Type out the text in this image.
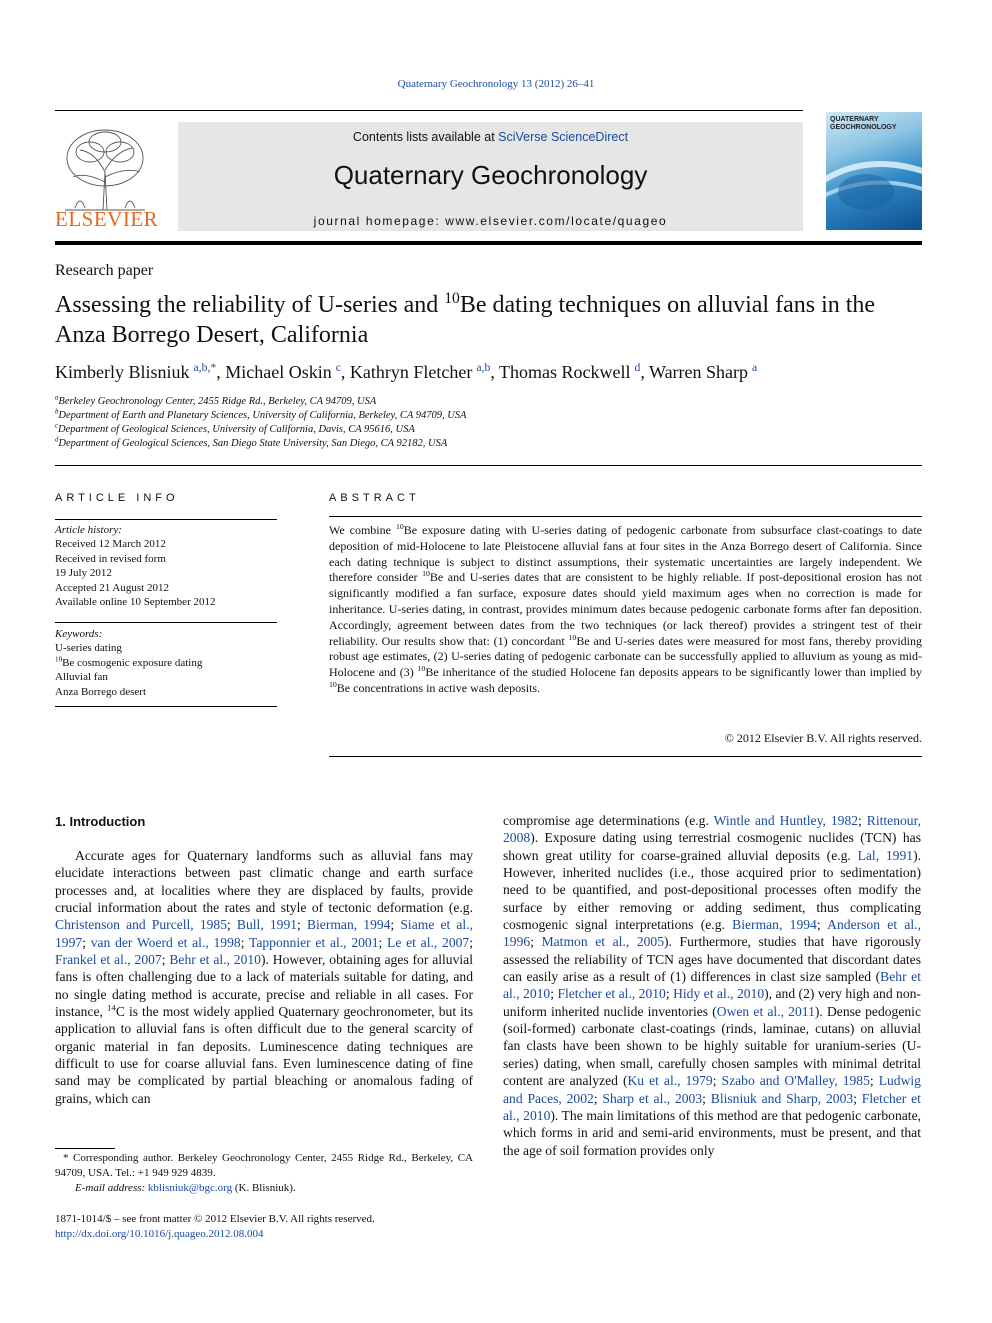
Quaternary Geochronology 13 (2012) 26–41
ELSEVIER
Contents lists available at SciVerse ScienceDirect
Quaternary Geochronology
journal homepage: www.elsevier.com/locate/quageo
QUATERNARY GEOCHRONOLOGY
Research paper
Assessing the reliability of U-series and $^{10}$Be dating techniques on alluvial fans in the Anza Borrego Desert, California
Kimberly Blisniuk $^{a,b,*}$, Michael Oskin $^c$, Kathryn Fletcher $^{a,b}$, Thomas Rockwell $^d$, Warren Sharp $^a$
$^a$Berkeley Geochronology Center, 2455 Ridge Rd., Berkeley, CA 94709, USA
$^b$Department of Earth and Planetary Sciences, University of California, Berkeley, CA 94709, USA
$^c$Department of Geological Sciences, University of California, Davis, CA 95616, USA
$^d$Department of Geological Sciences, San Diego State University, San Diego, CA 92182, USA
ARTICLE INFO
Article history:
Received 12 March 2012
Received in revised form
19 July 2012
Accepted 21 August 2012
Available online 10 September 2012
Keywords:
U-series dating
$^{10}$Be cosmogenic exposure dating
Alluvial fan
Anza Borrego desert
ABSTRACT
We combine $^{10}$Be exposure dating with U-series dating of pedogenic carbonate from subsurface clast-coatings to date deposition of mid-Holocene to late Pleistocene alluvial fans at four sites in the Anza Borrego desert of California. Since each dating technique is subject to distinct assumptions, their systematic uncertainties are largely independent. We therefore consider $^{10}$Be and U-series dates that are consistent to be highly reliable. If post-depositional erosion has not significantly modified a fan surface, exposure dates should yield maximum ages when no correction is made for inheritance. U-series dating, in contrast, provides minimum dates because pedogenic carbonate forms after fan deposition. Accordingly, agreement between dates from the two techniques (or lack thereof) provides a stringent test of their reliability. Our results show that: (1) concordant $^{10}$Be and U-series dates were measured for most fans, thereby providing robust age estimates, (2) U-series dating of pedogenic carbonate can be successfully applied to alluvium as young as mid-Holocene and (3) $^{10}$Be inheritance of the studied Holocene fan deposits appears to be significantly lower than implied by $^{10}$Be concentrations in active wash deposits.
© 2012 Elsevier B.V. All rights reserved.
1. Introduction

Accurate ages for Quaternary landforms such as alluvial fans may elucidate interactions between past climatic change and earth surface processes and, at localities where they are displaced by faults, provide crucial information about the rates and style of tectonic deformation (e.g. Christenson and Purcell, 1985; Bull, 1991; Bierman, 1994; Siame et al., 1997; van der Woerd et al., 1998; Tapponnier et al., 2001; Le et al., 2007; Frankel et al., 2007; Behr et al., 2010). However, obtaining ages for alluvial fans is often challenging due to a lack of materials suitable for dating, and no single dating method is accurate, precise and reliable in all cases. For instance, $^{14}$C is the most widely applied Quaternary geochronometer, but its application to alluvial fans is often difficult due to the general scarcity of organic material in fan deposits. Luminescence dating techniques are difficult to use for coarse alluvial fans. Even luminescence dating of fine sand may be complicated by partial bleaching or anomalous fading of grains, which can

compromise age determinations (e.g. Wintle and Huntley, 1982; Rittenour, 2008). Exposure dating using terrestrial cosmogenic nuclides (TCN) has shown great utility for coarse-grained alluvial deposits (e.g. Lal, 1991). However, inherited nuclides (i.e., those acquired prior to sedimentation) need to be quantified, and post-depositional processes often modify the surface by either removing or adding sediment, thus complicating cosmogenic signal interpretations (e.g. Bierman, 1994; Anderson et al., 1996; Matmon et al., 2005). Furthermore, studies that have rigorously assessed the reliability of TCN ages have documented that discordant dates can easily arise as a result of (1) differences in clast size sampled (Behr et al., 2010; Fletcher et al., 2010; Hidy et al., 2010), and (2) very high and non-uniform inherited nuclide inventories (Owen et al., 2011). Dense pedogenic (soil-formed) carbonate clast-coatings (rinds, laminae, cutans) on alluvial fan clasts have been shown to be highly suitable for uranium-series (U-series) dating, when small, carefully chosen samples with minimal detrital content are analyzed (Ku et al., 1979; Szabo and O'Malley, 1985; Ludwig and Paces, 2002; Sharp et al., 2003; Blisniuk and Sharp, 2003; Fletcher et al., 2010). The main limitations of this method are that pedogenic carbonate, which forms in arid and semi-arid environments, must be present, and that the age of soil formation provides only

* Corresponding author. Berkeley Geochronology Center, 2455 Ridge Rd., Berkeley, CA 94709, USA. Tel.: +1 949 929 4839.
E-mail address: kblisniuk@bgc.org (K. Blisniuk).
1871-1014/$ – see front matter © 2012 Elsevier B.V. All rights reserved.
http://dx.doi.org/10.1016/j.quageo.2012.08.004
